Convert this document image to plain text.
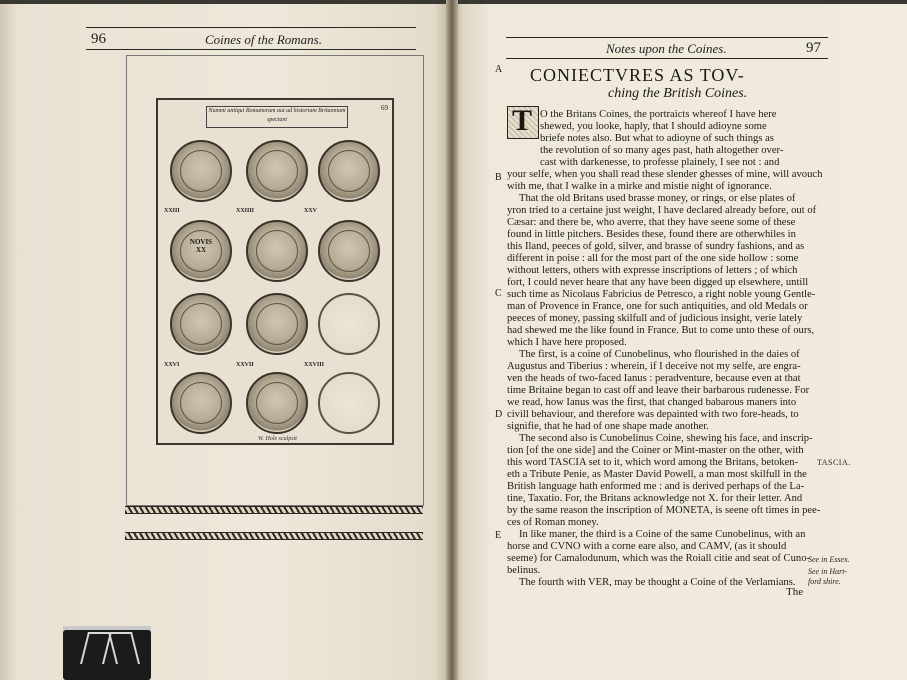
96	Coines of the Romans.
Nummi antiqui Romanorum aut ad historiam Britanniam spectant
69
XXIII	XXIIII	XXV
NOVIS
XX
XXVI	XXVII	XXVIII
W. Hole sculpsit
Notes upon the Coines.	97
CONIECTVRES AS TOV-
ching the British Coines.
T
A
B
C
D
E
O the Britans Coines, the portraicts whereof I have here
shewed, you looke, haply, that I should adioyne some
briefe notes also. But what to adioyne of such things as
the revolution of so many ages past, hath altogether over-
cast with darkenesse, to professe plainely, I see not : and
your selfe, when you shall read these slender ghesses of mine, will avouch
with me, that I walke in a mirke and mistie night of ignorance.
That the old Britans used brasse money, or rings, or else plates of
yron tried to a certaine just weight, I have declared already before, out of
Cæsar: and there be, who averre, that they have seene some of these
found in little pitchers. Besides these, found there are otherwhiles in
this Iland, peeces of gold, silver, and brasse of sundry fashions, and as
different in poise : all for the most part of the one side hollow : some
without letters, others with expresse inscriptions of letters ; of which
fort, I could never heare that any have been digged up elsewhere, untill
such time as Nicolaus Fabricius de Petresco, a right noble young Gentle-
man of Provence in France, one for such antiquities, and old Medals or
peeces of money, passing skilfull and of judicious insight, verie lately
had shewed me the like found in France. But to come unto these of ours,
which I have here proposed.
The first, is a coine of Cunobelinus, who flourished in the daies of
Augustus and Tiberius : wherein, if I deceive not my selfe, are engra-
ven the heads of two-faced Ianus : peradventure, because even at that
time Britaine began to cast off and leave their barbarous rudenesse. For
we read, how Ianus was the first, that changed babarous maners into
civill behaviour, and therefore was depainted with two fore-heads, to
signifie, that he had of one shape made another.
The second also is Cunobelinus Coine, shewing his face, and inscrip-
tion [of the one side] and the Coiner or Mint-master on the other, with
this word TASCIA set to it, which word among the Britans, betoken-
eth a Tribute Penie, as Master David Powell, a man most skilfull in the
British language hath enformed me : and is derived perhaps of the La-
tine, Taxatio. For, the Britans acknowledge not X. for their letter. And
by the same reason the inscription of MONETA, is seene oft times in pee-
ces of Roman money.
In like maner, the third is a Coine of the same Cunobelinus, with an
horse and CVNO with a corne eare also, and CAMV, (as it should
seeme) for Camalodunum, which was the Roiall citie and seat of Cuno-
belinus.
The fourth with VER, may be thought a Coine of the Verlamians.
TASCIA.
See in Essex.
See in Hart-
ford shire.
The
